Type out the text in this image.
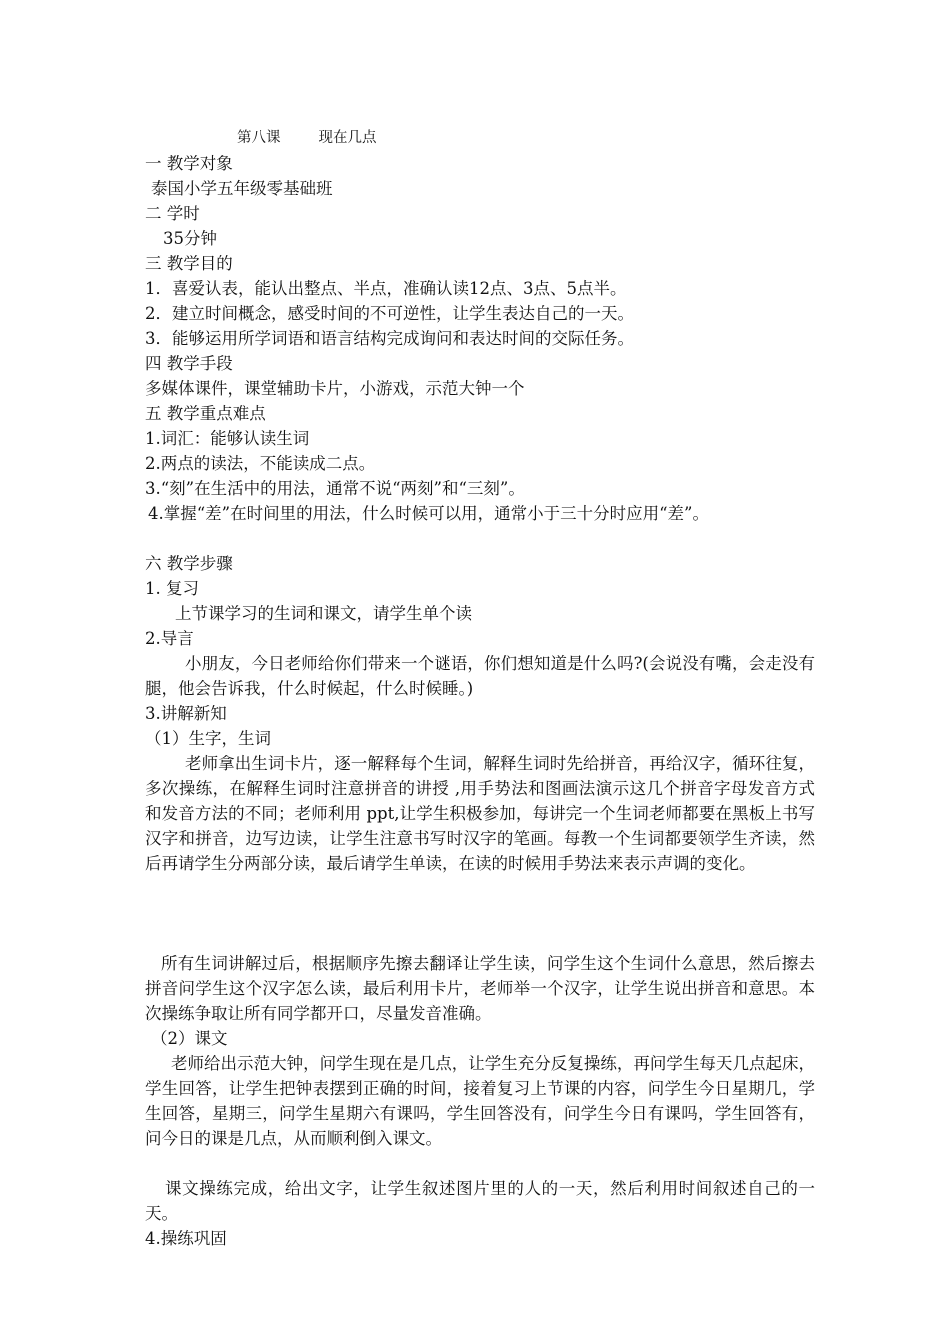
第八课	现在几点
一 教学对象
泰国小学五年级零基础班
二 学时
35分钟
三 教学目的
1．喜爱认表，能认出整点、半点，准确认读12点、3点、5点半。
2．建立时间概念，感受时间的不可逆性，让学生表达自己的一天。
3．能够运用所学词语和语言结构完成询问和表达时间的交际任务。
四 教学手段
多媒体课件，课堂辅助卡片，小游戏，示范大钟一个
五 教学重点难点
1.词汇：能够认读生词
2.两点的读法，不能读成二点。
3.“刻”在生活中的用法，通常不说“两刻”和“三刻”。
4.掌握“差”在时间里的用法，什么时候可以用，通常小于三十分时应用“差”。
六 教学步骤
1. 复习
上节课学习的生词和课文，请学生单个读
2.导言
小朋友，今日老师给你们带来一个谜语，你们想知道是什么吗?(会说没有嘴，会走没有腿，他会告诉我，什么时候起，什么时候睡。)
3.讲解新知
（1）生字，生词
老师拿出生词卡片，逐一解释每个生词，解释生词时先给拼音，再给汉字，循环往复，多次操练，在解释生词时注意拼音的讲授 ,用手势法和图画法演示这几个拼音字母发音方式和发音方法的不同；老师利用 ppt,让学生积极参加，每讲完一个生词老师都要在黑板上书写汉字和拼音，边写边读，让学生注意书写时汉字的笔画。每教一个生词都要领学生齐读，然后再请学生分两部分读，最后请学生单读，在读的时候用手势法来表示声调的变化。
所有生词讲解过后，根据顺序先擦去翻译让学生读，问学生这个生词什么意思，然后擦去拼音问学生这个汉字怎么读，最后利用卡片，老师举一个汉字，让学生说出拼音和意思。本次操练争取让所有同学都开口，尽量发音准确。
（2）课文
老师给出示范大钟，问学生现在是几点，让学生充分反复操练，再问学生每天几点起床，学生回答，让学生把钟表摆到正确的时间，接着复习上节课的内容，问学生今日星期几，学生回答，星期三，问学生星期六有课吗，学生回答没有，问学生今日有课吗，学生回答有，问今日的课是几点，从而顺利倒入课文。
课文操练完成，给出文字，让学生叙述图片里的人的一天，然后利用时间叙述自己的一天。
4.操练巩固
